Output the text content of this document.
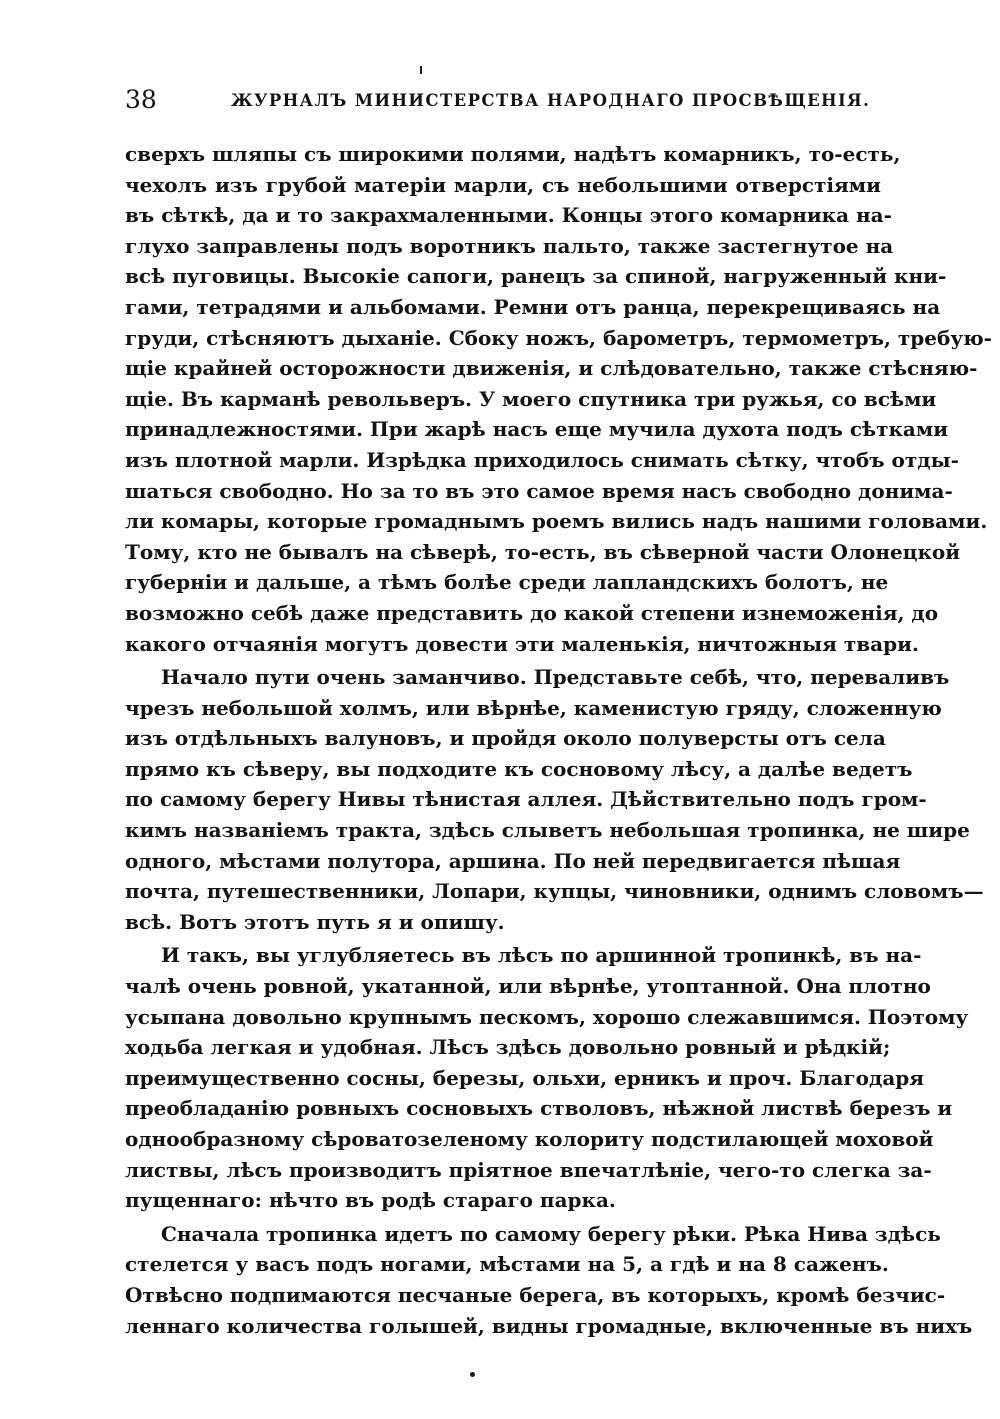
38	ЖУРНАЛЪ МИНИСТЕРСТВА НАРОДНАГО ПРОСВѢЩЕНІЯ.
сверхъ шляпы съ широкими полями, надѣтъ комарникъ, то-есть,
чехолъ изъ грубой матеріи марли, съ небольшими отверстіями
въ сѣткѣ, да и то закрахмаленными. Концы этого комарника на-
глухо заправлены подъ воротникъ пальто, также застегнутое на
всѣ пуговицы. Высокіе сапоги, ранецъ за спиной, нагруженный кни-
гами, тетрадями и альбомами. Ремни отъ ранца, перекрещиваясь на
груди, стѣсняютъ дыханіе. Сбоку ножъ, барометръ, термометръ, требую-
щіе крайней осторожности движенія, и слѣдовательно, также стѣсняю-
щіе. Въ карманѣ револьверъ. У моего спутника три ружья, со всѣми
принадлежностями. При жарѣ насъ еще мучила духота подъ сѣтками
изъ плотной марли. Изрѣдка приходилось снимать сѣтку, чтобъ отды-
шаться свободно. Но за то въ это самое время насъ свободно донима-
ли комары, которые громаднымъ роемъ вились надъ нашими головами.
Тому, кто не бывалъ на сѣверѣ, то-есть, въ сѣверной части Олонецкой
губерніи и дальше, а тѣмъ болѣе среди лапландскихъ болотъ, не
возможно себѣ даже представить до какой степени изнеможенія, до
какого отчаянія могутъ довести эти маленькія, ничтожныя твари.
Начало пути очень заманчиво. Представьте себѣ, что, переваливъ
чрезъ небольшой холмъ, или вѣрнѣе, каменистую гряду, сложенную
изъ отдѣльныхъ валуновъ, и пройдя около полуверсты отъ села
прямо къ сѣверу, вы подходите къ сосновому лѣсу, а далѣе ведетъ
по самому берегу Нивы тѣнистая аллея. Дѣйствительно подъ гром-
кимъ названіемъ тракта, здѣсь слыветъ небольшая тропинка, не шире
одного, мѣстами полутора, аршина. По ней передвигается пѣшая
почта, путешественники, Лопари, купцы, чиновники, однимъ словомъ—
всѣ. Вотъ этотъ путь я и опишу.
И такъ, вы углубляетесь въ лѣсъ по аршинной тропинкѣ, въ на-
чалѣ очень ровной, укатанной, или вѣрнѣе, утоптанной. Она плотно
усыпана довольно крупнымъ пескомъ, хорошо слежавшимся. Поэтому
ходьба легкая и удобная. Лѣсъ здѣсь довольно ровный и рѣдкій;
преимущественно сосны, березы, ольхи, ерникъ и проч. Благодаря
преобладанію ровныхъ сосновыхъ стволовъ, нѣжной листвѣ березъ и
однообразному сѣроватозеленому колориту подстилающей моховой
листвы, лѣсъ производитъ пріятное впечатлѣніе, чего-то слегка за-
пущеннаго: нѣчто въ родѣ стараго парка.
Сначала тропинка идетъ по самому берегу рѣки. Рѣка Нива здѣсь
стелется у васъ подъ ногами, мѣстами на 5, а гдѣ и на 8 саженъ.
Отвѣсно подпимаются песчаные берега, въ которыхъ, кромѣ безчис-
леннаго количества голышей, видны громадные, включенные въ нихъ
